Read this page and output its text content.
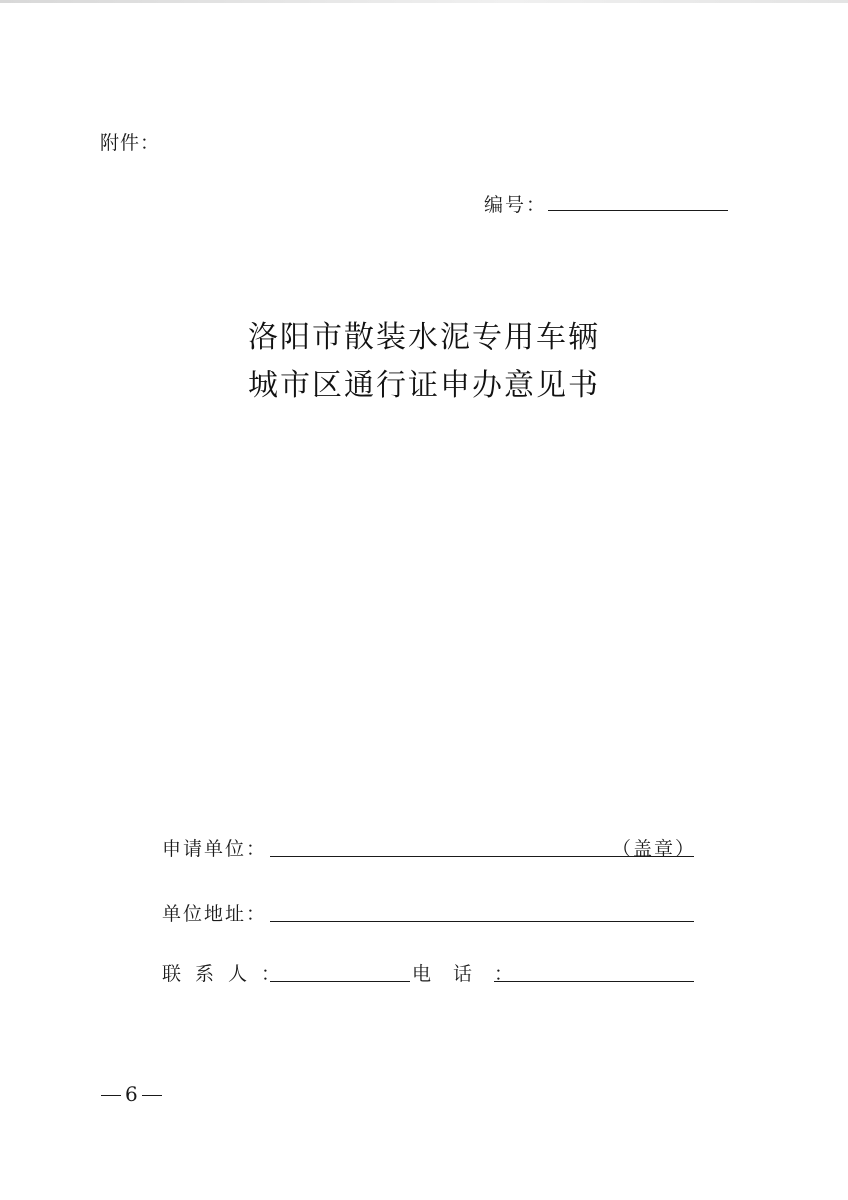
附件：
编号：
洛阳市散装水泥专用车辆
城市区通行证申办意见书
申请单位：	（盖章）
单位地址：
联系人：	电话：
6
